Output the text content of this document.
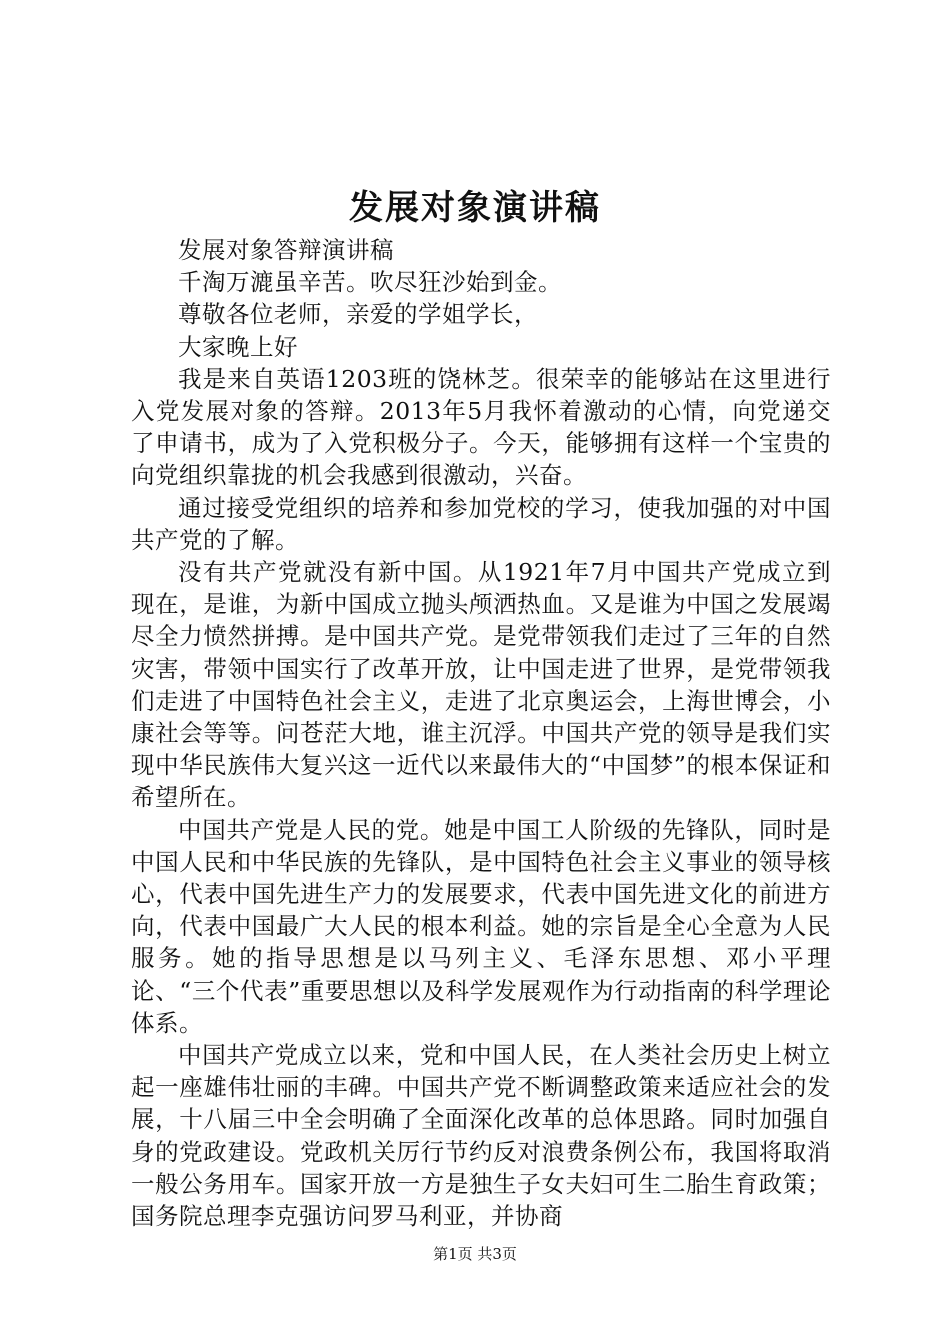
发展对象演讲稿

发展对象答辩演讲稿

千淘万漉虽辛苦。吹尽狂沙始到金。

尊敬各位老师，亲爱的学姐学长，

大家晚上好

我是来自英语1203班的饶林芝。很荣幸的能够站在这里进行入党发展对象的答辩。2013年5月我怀着激动的心情，向党递交了申请书，成为了入党积极分子。今天，能够拥有这样一个宝贵的向党组织靠拢的机会我感到很激动，兴奋。

通过接受党组织的培养和参加党校的学习，使我加强的对中国共产党的了解。

没有共产党就没有新中国。从1921年7月中国共产党成立到现在，是谁，为新中国成立抛头颅洒热血。又是谁为中国之发展竭尽全力愤然拼搏。是中国共产党。是党带领我们走过了三年的自然灾害，带领中国实行了改革开放，让中国走进了世界，是党带领我们走进了中国特色社会主义，走进了北京奥运会，上海世博会，小康社会等等。问苍茫大地，谁主沉浮。中国共产党的领导是我们实现中华民族伟大复兴这一近代以来最伟大的“中国梦”的根本保证和希望所在。

中国共产党是人民的党。她是中国工人阶级的先锋队，同时是中国人民和中华民族的先锋队，是中国特色社会主义事业的领导核心，代表中国先进生产力的发展要求，代表中国先进文化的前进方向，代表中国最广大人民的根本利益。她的宗旨是全心全意为人民服务。她的指导思想是以马列主义、毛泽东思想、邓小平理论、“三个代表”重要思想以及科学发展观作为行动指南的科学理论体系。

中国共产党成立以来，党和中国人民，在人类社会历史上树立起一座雄伟壮丽的丰碑。中国共产党不断调整政策来适应社会的发展，十八届三中全会明确了全面深化改革的总体思路。同时加强自身的党政建设。党政机关厉行节约反对浪费条例公布，我国将取消一般公务用车。国家开放一方是独生子女夫妇可生二胎生育政策；国务院总理李克强访问罗马利亚，并协商

第1页 共3页
